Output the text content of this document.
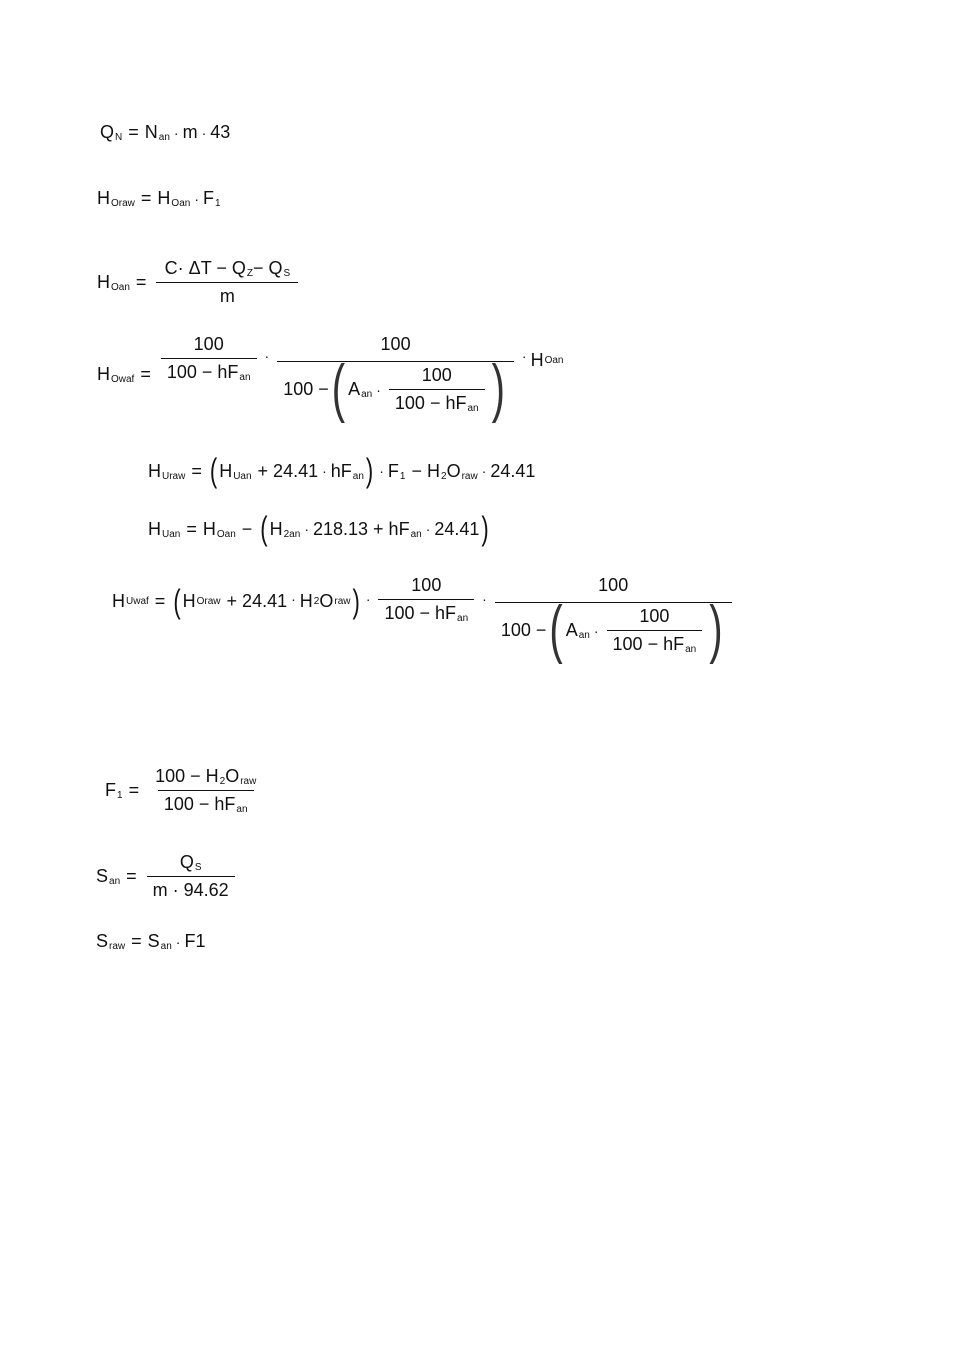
Q N = N an · m · 43
H Oraw = H Oan · F 1
H Oan = $\frac{\text{C· ΔT − Q Z − Q S}}{m}$
H Owaf = $\frac{100}{\text{100 − hF an}}$ ·
100
100 − ( A an · $\frac{100}{\text{100 − hF an}}$ ) · H Oan
H Uraw = ( H Uan + 24.41 · hF an ) · F 1 − H 2 O raw · 24.41
H Uan = H Oan − ( H 2an · 218.13 + hF an · 24.41 )
H Uwaf = ( H Oraw + 24.41 · H 2 O raw ) · $\frac{100}{\text{100 − hF an}}$ ·
100
100 − ( A an · $\frac{100}{\text{100 − hF an}}$ )
F $1 = \frac{\text{100 − H 2 O raw}}{\text{100 − hF an}}$
S an = $\frac{\text{Q S}}{m \cdot 94.62}$
S raw = S an · F1
